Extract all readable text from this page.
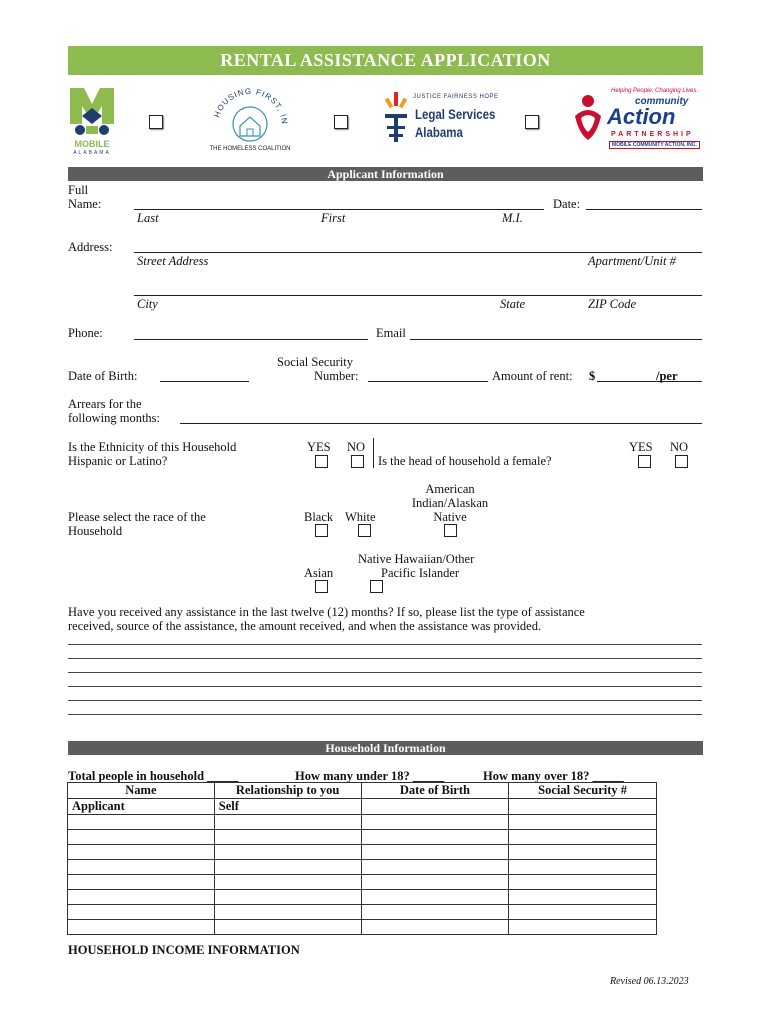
RENTAL ASSISTANCE APPLICATION
MOBILE
ALABAMA
HOUSING FIRST, IN
THE HOMELESS COALITION
JUSTICE FAIRNESS HOPE
Legal Services
Alabama
Helping People. Changing Lives.
community
Action
PARTNERSHIP
MOBILE COMMUNITY ACTION, INC.
Applicant Information
Full
Name:	Date:
Last	First	M.I.
Address:
Street Address	Apartment/Unit #
City	State	ZIP Code
Phone:	Email
Social Security
Date of Birth:	Number:	Amount of rent: $	/per
Arrears for the
following months:
Is the Ethnicity of this Household
Hispanic or Latino?
YES NO
Is the head of household a female?
YES NO
American
Indian/Alaskan
Native
Please select the race of the
Household
Black White
Native Hawaiian/Other
Pacific Islander
Asian
Have you received any assistance in the last twelve (12) months? If so, please list the type of assistance
received, source of the assistance, the amount received, and when the assistance was provided.
Household Information
Total people in household _____	How many under 18? _____	How many over 18? _____
Name	Relationship to you	Date of Birth	Social Security #
Applicant	Self		

HOUSEHOLD INCOME INFORMATION
Revised 06.13.2023
